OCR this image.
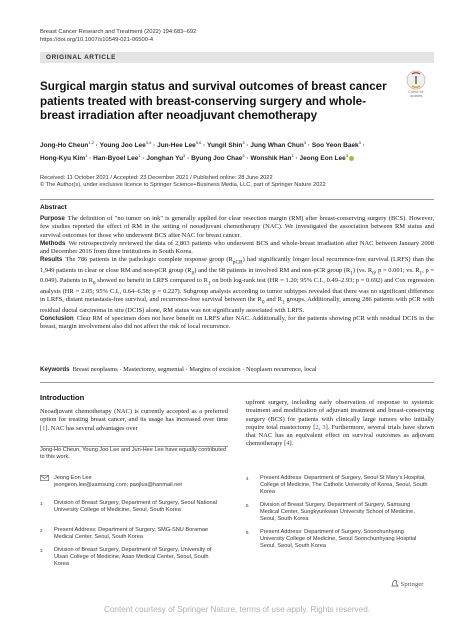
Breast Cancer Research and Treatment (2022) 194:683–692
https://doi.org/10.1007/s10549-021-06500-4
ORIGINAL ARTICLE
Check for
updates
Surgical margin status and survival outcomes of breast cancer patients treated with breast-conserving surgery and whole-breast irradiation after neoadjuvant chemotherapy
Jong-Ho Cheun$^{1,2}$ · Young Joo Lee$^{3,4}$ · Jun-Hee Lee$^{5,6}$ · Yungil Shin$^3$ · Jung Whan Chun$^3$ · Soo Yeon Baek$^3$ ·
Hong-Kyu Kim$^1$ · Han-Byoel Lee$^1$ · Jonghan $Yu^3$ · Byung Joo Chae$^3$ · Wonshik Han$^1$ · Jeong Eon Lee$^3$
Received: 11 October 2021 / Accepted: 23 December 2021 / Published online: 28 June 2022
© The Author(s), under exclusive licence to Springer Science+Business Media, LLC, part of Springer Nature 2022
Abstract

Purpose The definition of "no tumor on ink" is generally applied for clear resection margin (RM) after breast-conserving surgery (BCS). However, few studies reported the effect of RM in the setting of neoadjuvant chemotherapy (NAC). We investigated the association between RM status and survival outcomes for those who underwent BCS after NAC for breast cancer.

Methods We retrospectively reviewed the data of 2,803 patients who underwent BCS and whole-breast irradiation after NAC between January 2008 and December 2016 from three institutions in South Korea.

Results The 786 patients in the pathologic complete response group $(R_{pCR})$ had significantly longer local recurrence-free survival (LRFS) than the 1,949 patients in clear or close RM and non-pCR group $(R_0)$ and the 68 patients in involved RM and non-pCR group $(R_1)$ (vs. $R_0$, p = 0.001; vs. $R_1$, p = 0.049). Patients in $R_0$ showed no benefit in LRFS compared to $R_1$ on both log-rank test (HR = 1.20; 95% C.I., 0.49–2.93; p = 0.692) and Cox regression analysis (HR = 2.05; 95% C.I., 0.64–6.58; p = 0.227). Subgroup analysis according to tumor subtypes revealed that there was no significant difference in LRFS, distant metastasis-free survival, and recurrence-free survival between the $R_0$ and $R_1$ groups. Additionally, among 286 patients with pCR with residual ductal carcinoma in situ (DCIS) alone, RM status was not significantly associated with LRFS.

Conclusion Clear RM of specimen does not have benefit on LRFS after NAC. Additionally, for the patients showing pCR with residual DCIS in the breast, margin involvement also did not affect the risk of local recurrence.

Keywords Breast neoplasms · Mastectomy, segmental · Margins of excision · Neoplasm recurrence, local
Introduction

Neoadjuvant chemotherapy (NAC) is currently accepted as a preferred option for treating breast cancer, and its usage has increased over time [1]. NAC has several advantages over

upfront surgery, including early observation of response to systemic treatment and modification of adjuvant treatment and breast-conserving surgery (BCS) for patients with clinically large tumors who initially require total mastectomy [2, 3]. Furthermore, several trials have shown that NAC has an equivalent effect on survival outcomes as adjuvant chemotherapy [4].

Jong-Ho Cheun, Young Joo Lee and Jun-Hee Lee have equally contributed to this work.
Jeong Eon Lee
jeongeon.lee@samsung.com; paojlus@hanmail.net
1 Division of Breast Surgery, Department of Surgery, Seoul National University College of Medicine, Seoul, South Korea
2 Present Address: Department of Surgery, SMG-SNU Boramae Medical Center, Seoul, South Korea
3 Division of Breast Surgery, Department of Surgery, University of Ulsan College of Medicine, Asan Medical Center, Seoul, South Korea
4 Present Address: Department of Surgery, Seoul St Mary's Hospital, College of Medicine, The Catholic University of Korea, Seoul, South Korea
5 Division of Breast Surgery, Department of Surgery, Samsung Medical Center, Sungkyunkwan University School of Medicine, Seoul, South Korea
6 Present Address: Department of Surgery, Soonchunhyang University College of Medicine, Seoul Soonchunhyang Hospital Seoul, Seoul, South Korea
Springer
Content courtesy of Springer Nature, terms of use apply. Rights reserved.
